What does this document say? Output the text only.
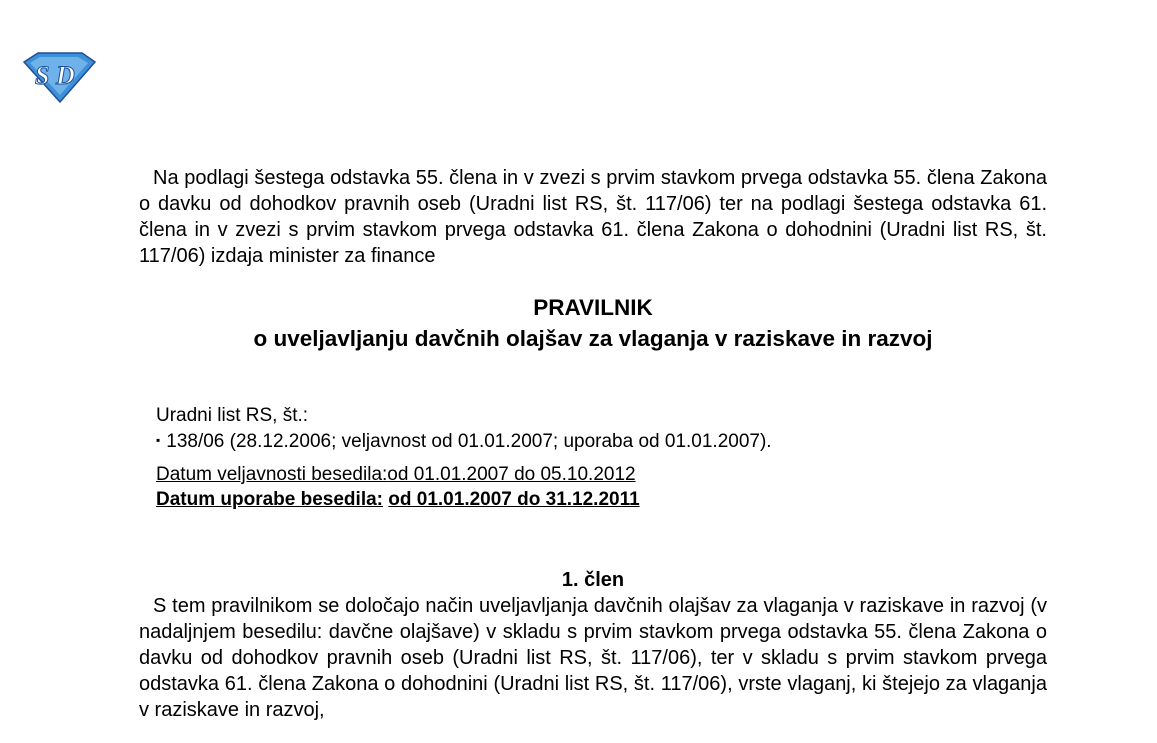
S D

Na podlagi šestega odstavka 55. člena in v zvezi s prvim stavkom prvega odstavka 55. člena Zakona o davku od dohodkov pravnih oseb (Uradni list RS, št. 117/06) ter na podlagi šestega odstavka 61. člena in v zvezi s prvim stavkom prvega odstavka 61. člena Zakona o dohodnini (Uradni list RS, št. 117/06) izdaja minister za finance

PRAVILNIK
o uveljavljanju davčnih olajšav za vlaganja v raziskave in razvoj
Uradni list RS, št.:
▪ 138/06 (28.12.2006; veljavnost od 01.01.2007; uporaba od 01.01.2007).
Datum veljavnosti besedila:od 01.01.2007 do 05.10.2012
Datum uporabe besedila: od 01.01.2007 do 31.12.2011
1. člen

S tem pravilnikom se določajo način uveljavljanja davčnih olajšav za vlaganja v raziskave in razvoj (v nadaljnjem besedilu: davčne olajšave) v skladu s prvim stavkom prvega odstavka 55. člena Zakona o davku od dohodkov pravnih oseb (Uradni list RS, št. 117/06), ter v skladu s prvim stavkom prvega odstavka 61. člena Zakona o dohodnini (Uradni list RS, št. 117/06), vrste vlaganj, ki štejejo za vlaganja v raziskave in razvoj,
